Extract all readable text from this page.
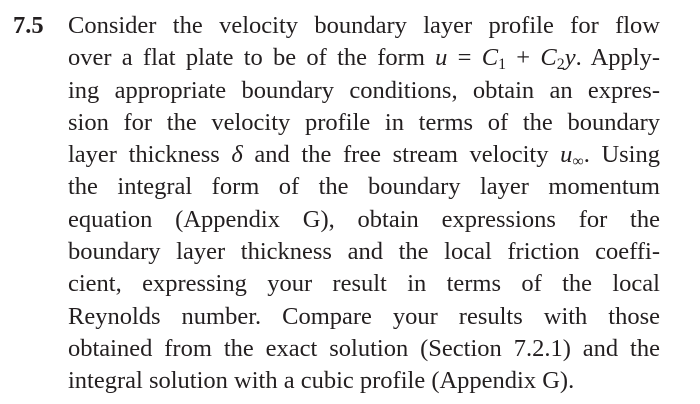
7.5 Consider the velocity boundary layer profile for flow
over a flat plate to be of the form $u = C_1 + C_2y$. Apply-
ing appropriate boundary conditions, obtain an expres-
sion for the velocity profile in terms of the boundary
layer thickness δ and the free stream velocity $u_\infty$. Using
the integral form of the boundary layer momentum
equation (Appendix G), obtain expressions for the
boundary layer thickness and the local friction coeffi-
cient, expressing your result in terms of the local
Reynolds number. Compare your results with those
obtained from the exact solution (Section 7.2.1) and the
integral solution with a cubic profile (Appendix G).
